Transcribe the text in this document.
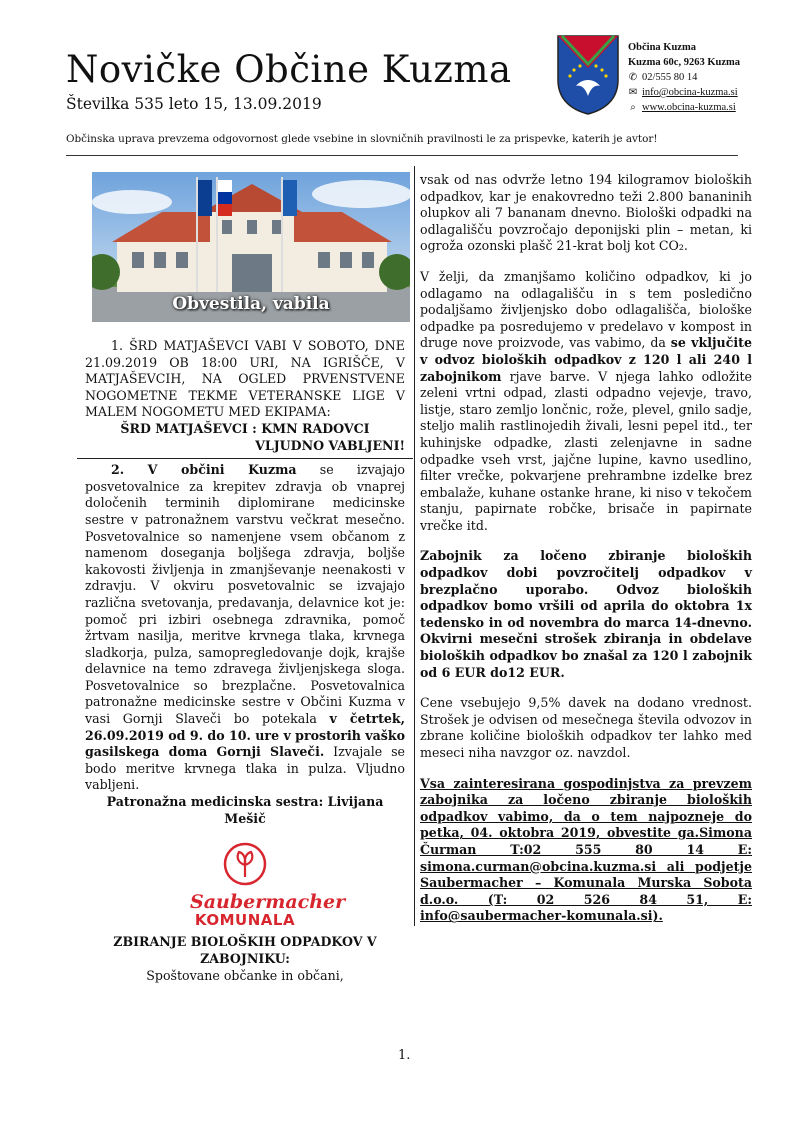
Novičke Občine Kuzma
Številka 535 leto 15, 13.09.2019
Občina Kuzma
Kuzma 60c, 9263 Kuzma
✆ 02/555 80 14
✉ info@obcina-kuzma.si
⌕ www.obcina-kuzma.si
Občinska uprava prevzema odgovornost glede vsebine in slovničnih pravilnosti le za prispevke, katerih je avtor!
Obvestila, vabila

1. ŠRD MATJAŠEVCI VABI V SOBOTO, DNE 21.09.2019 OB 18:00 URI, NA IGRIŠČE, V MATJAŠEVCIH, NA OGLED PRVENSTVENE NOGOMETNE TEKME VETERANSKE LIGE V MALEM NOGOMETU MED EKIPAMA:

ŠRD MATJAŠEVCI : KMN RADOVCI

VLJUDNO VABLJENI!

2. V občini Kuzma se izvajajo posvetovalnice za krepitev zdravja ob vnaprej določenih terminih diplomirane medicinske sestre v patronažnem varstvu večkrat mesečno. Posvetovalnice so namenjene vsem občanom z namenom doseganja boljšega zdravja, boljše kakovosti življenja in zmanjševanje neenakosti v zdravju. V okviru posvetovalnic se izvajajo različna svetovanja, predavanja, delavnice kot je: pomoč pri izbiri osebnega zdravnika, pomoč žrtvam nasilja, meritve krvnega tlaka, krvnega sladkorja, pulza, samopregledovanje dojk, krajše delavnice na temo zdravega življenjskega sloga. Posvetovalnice so brezplačne. Posvetovalnica patronažne medicinske sestre v Občini Kuzma v vasi Gornji Slaveči bo potekala v četrtek, 26.09.2019 od 9. do 10. ure v prostorih vaško gasilskega doma Gornji Slaveči. Izvajale se bodo meritve krvnega tlaka in pulza. Vljudno vabljeni.

Patronažna medicinska sestra: Livijana Mešič

Saubermacher
KOMUNALA

ZBIRANJE BIOLOŠKIH ODPADKOV V ZABOJNIKU:

Spoštovane občanke in občani,

vsak od nas odvrže letno 194 kilogramov bioloških odpadkov, kar je enakovredno teži 2.800 bananinih olupkov ali 7 bananam dnevno. Biološki odpadki na odlagališču povzročajo deponijski plin – metan, ki ogroža ozonski plašč 21-krat bolj kot CO₂.

V želji, da zmanjšamo količino odpadkov, ki jo odlagamo na odlagališču in s tem posledično podaljšamo življenjsko dobo odlagališča, biološke odpadke pa posredujemo v predelavo v kompost in druge nove proizvode, vas vabimo, da se vključite v odvoz bioloških odpadkov z 120 l ali 240 l zabojnikom rjave barve. V njega lahko odložite zeleni vrtni odpad, zlasti odpadno vejevje, travo, listje, staro zemljo lončnic, rože, plevel, gnilo sadje, steljo malih rastlinojedih živali, lesni pepel itd., ter kuhinjske odpadke, zlasti zelenjavne in sadne odpadke vseh vrst, jajčne lupine, kavno usedlino, filter vrečke, pokvarjene prehrambne izdelke brez embalaže, kuhane ostanke hrane, ki niso v tekočem stanju, papirnate robčke, brisače in papirnate vrečke itd.

Zabojnik za ločeno zbiranje bioloških odpadkov dobi povzročitelj odpadkov v brezplačno uporabo. Odvoz bioloških odpadkov bomo vršili od aprila do oktobra 1x tedensko in od novembra do marca 14-dnevno. Okvirni mesečni strošek zbiranja in obdelave bioloških odpadkov bo znašal za 120 l zabojnik od 6 EUR do12 EUR.

Cene vsebujejo 9,5% davek na dodano vrednost. Strošek je odvisen od mesečnega števila odvozov in zbrane količine bioloških odpadkov ter lahko med meseci niha navzgor oz. navzdol.

Vsa zainteresirana gospodinjstva za prevzem zabojnika za ločeno zbiranje bioloških odpadkov vabimo, da o tem najpozneje do petka, 04. oktobra 2019, obvestite ga.Simona Čurman T:02 555 80 14 E: simona.curman@obcina.kuzma.si ali podjetje Saubermacher – Komunala Murska Sobota d.o.o. (T: 02 526 84 51, E: info@saubermacher-komunala.si).

1.
